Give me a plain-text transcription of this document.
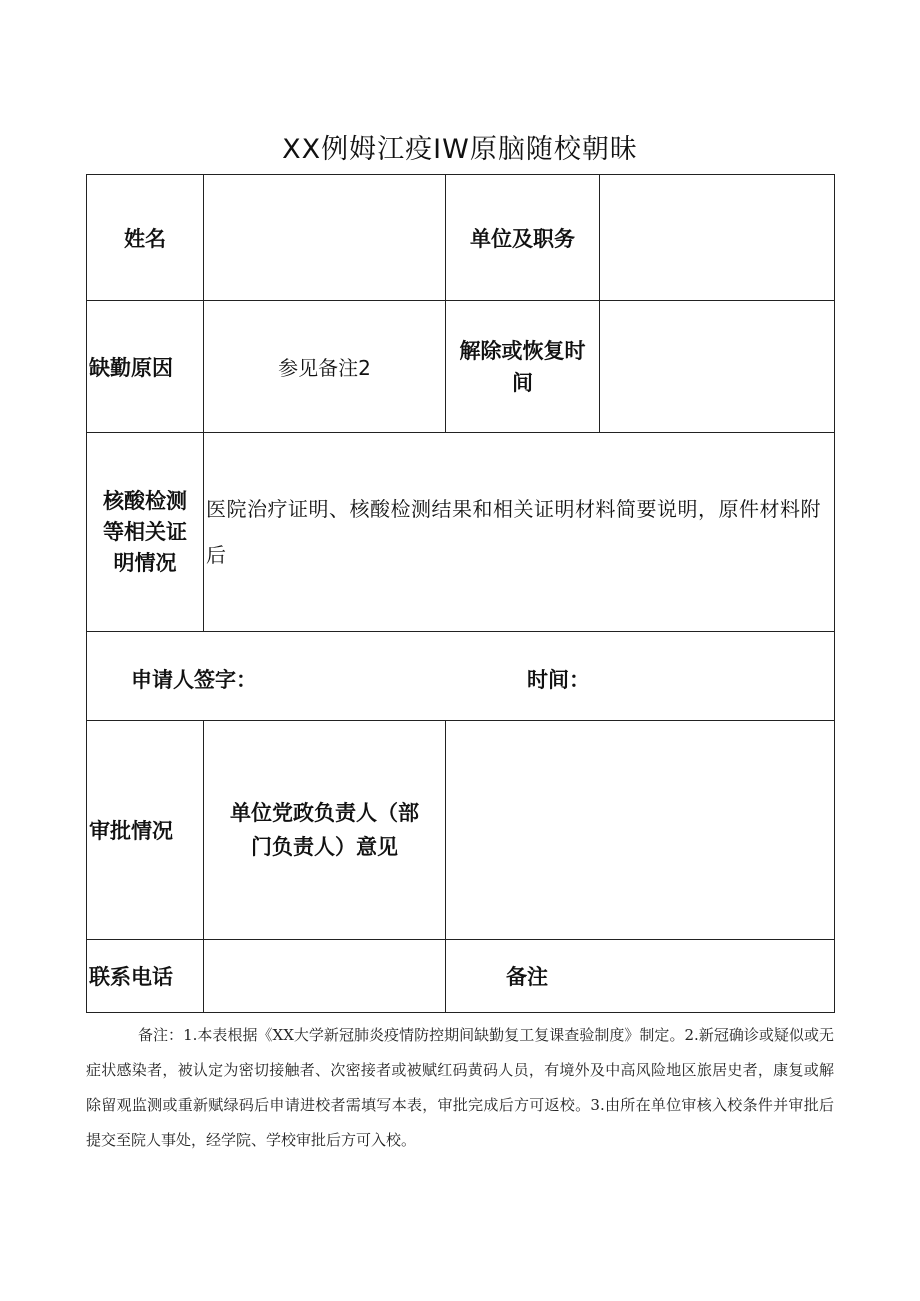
XX例姆江疫IW原脑随校朝昧
姓名		单位及职务	
缺勤原因	参见备注2	解除或恢复时间	
核酸检测等相关证明情况	医院治疗证明、核酸检测结果和相关证明材料简要说明，原件材料附后		

申请人签字： 时间：			

审批情况	单位党政负责人（部门负责人）意见		
联系电话		备注	
备注：1.本表根据《XX大学新冠肺炎疫情防控期间缺勤复工复课查验制度》制定。2.新冠确诊或疑似或无症状感染者，被认定为密切接触者、次密接者或被赋红码黄码人员，有境外及中高风险地区旅居史者，康复或解除留观监测或重新赋绿码后申请进校者需填写本表，审批完成后方可返校。3.由所在单位审核入校条件并审批后提交至院人事处，经学院、学校审批后方可入校。
